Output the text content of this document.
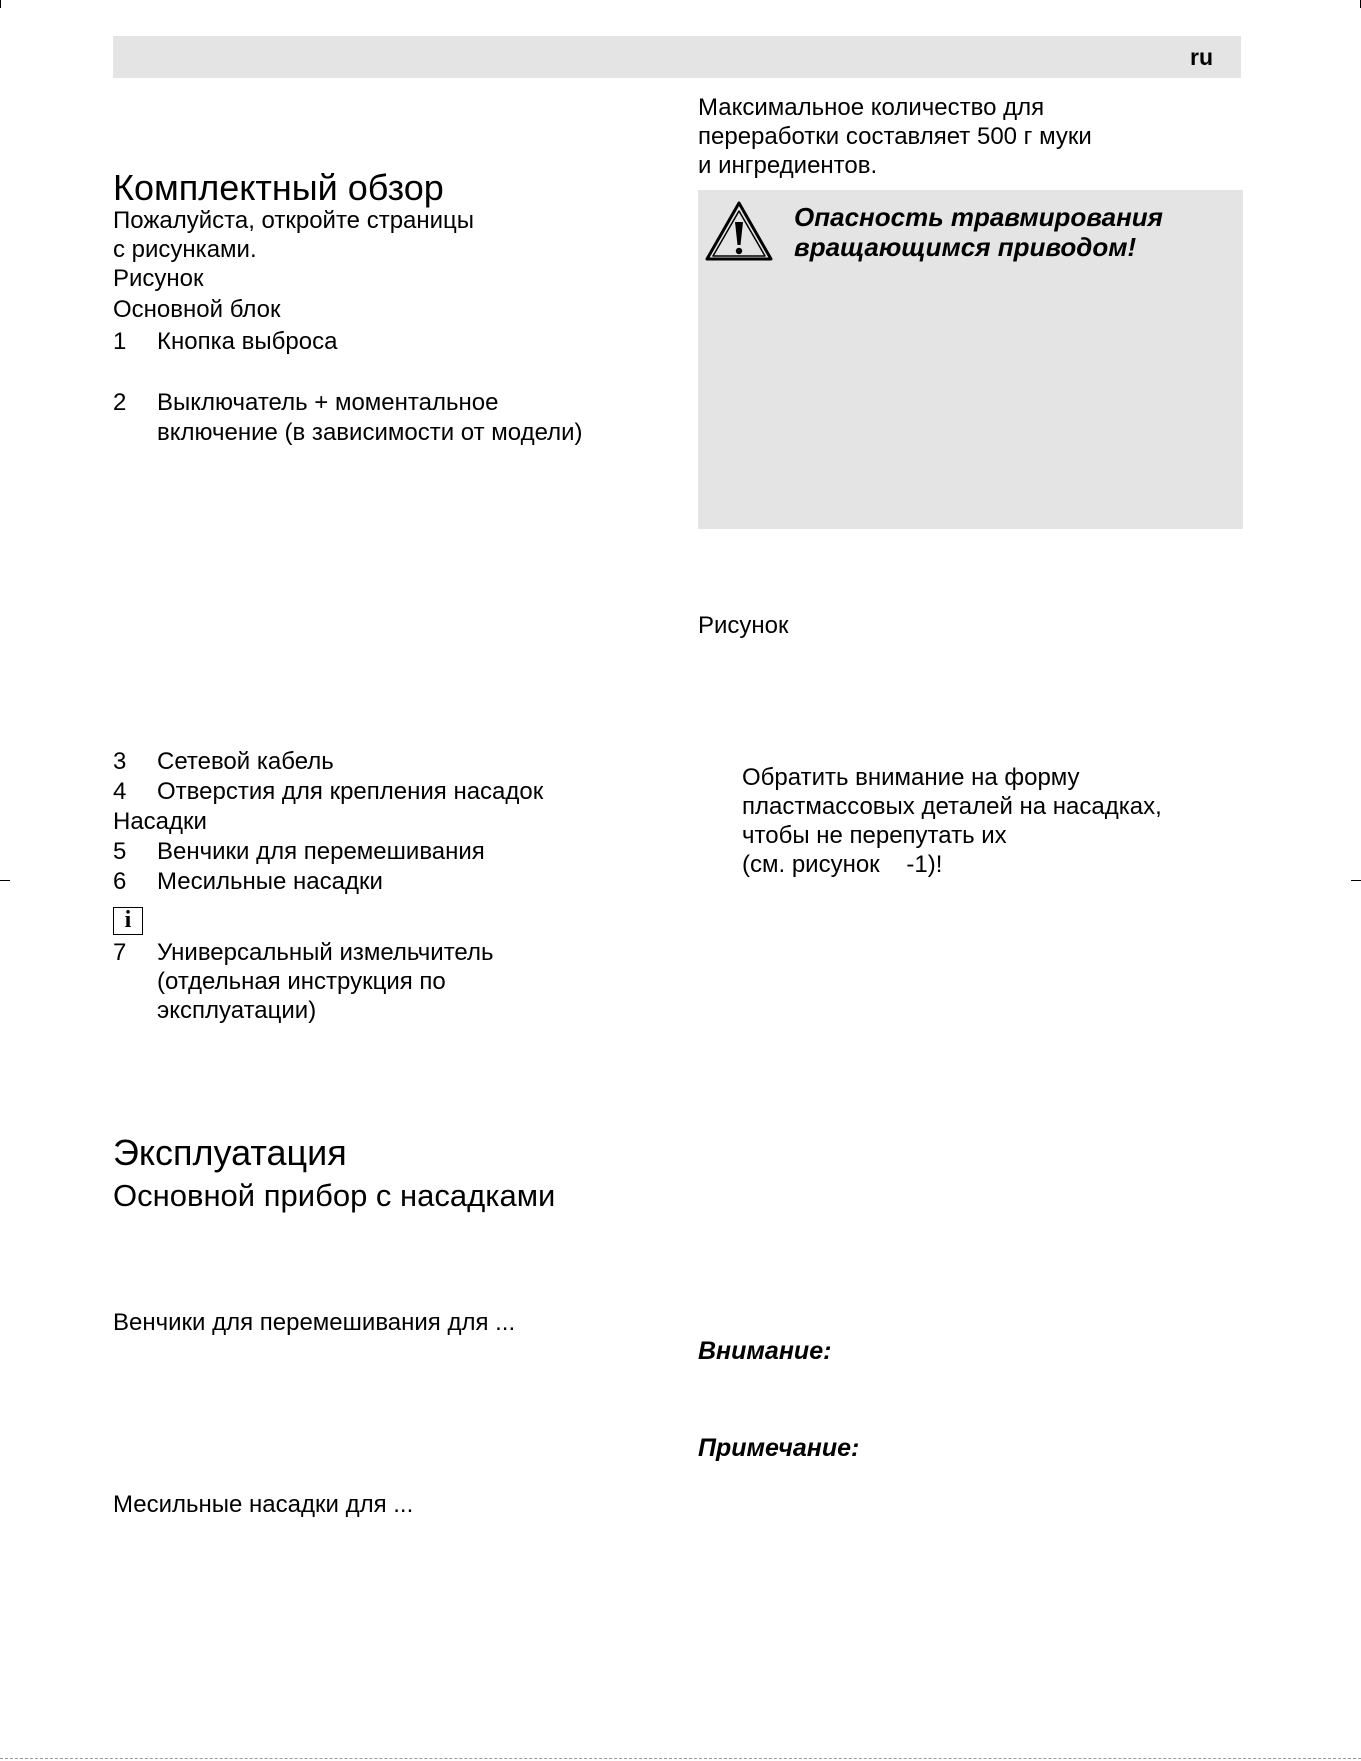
ru
Комплектный обзор
Пожалуйста, откройте страницы
с рисунками.
Рисунок
Основной блок
1 Кнопка выброса
2 Выключатель + моментальное
включение (в зависимости от модели)
3 Сетевой кабель
4 Отверстия для крепления насадок
Насадки
5 Венчики для перемешивания
6 Месильные насадки
i
7 Универсальный измельчитель
(отдельная инструкция по
эксплуатации)
Эксплуатация
Основной прибор с насадками
Венчики для перемешивания для ...
Месильные насадки для ...
Максимальное количество для
переработки составляет 500 г муки
и ингредиентов.
Опасность травмирования
вращающимся приводом!
Рисунок
Обратить внимание на форму
пластмассовых деталей на насадках,
чтобы не перепутать их
(см. рисунок    -1)!
Внимание:
Примечание:
